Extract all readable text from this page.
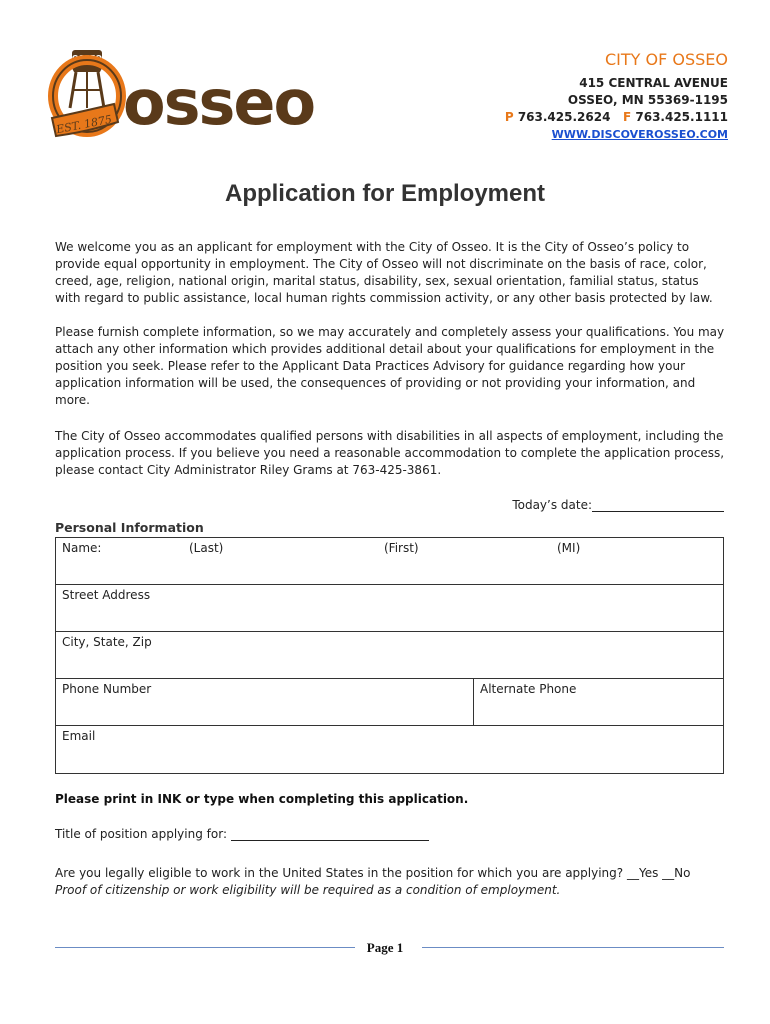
OSSEO
EST. 1875 osseo
CITY OF OSSEO
415 CENTRAL AVENUE
OSSEO, MN 55369-1195
P 763.425.2624 F 763.425.1111
WWW.DISCOVEROSSEO.COM
Application for Employment

We welcome you as an applicant for employment with the City of Osseo. It is the City of Osseo’s policy to provide equal opportunity in employment. The City of Osseo will not discriminate on the basis of race, color, creed, age, religion, national origin, marital status, disability, sex, sexual orientation, familial status, status with regard to public assistance, local human rights commission activity, or any other basis protected by law.

Please furnish complete information, so we may accurately and completely assess your qualifications. You may attach any other information which provides additional detail about your qualifications for employment in the position you seek. Please refer to the Applicant Data Practices Advisory for guidance regarding how your application information will be used, the consequences of providing or not providing your information, and more.

The City of Osseo accommodates qualified persons with disabilities in all aspects of employment, including the application process. If you believe you need a reasonable accommodation to complete the application process, please contact City Administrator Riley Grams at 763-425-3861.

Today’s date:
Personal Information
Name:	(Last)	(First)	(MI)
Street Address
City, State, Zip
Phone Number	Alternate Phone
Email
Please print in INK or type when completing this application.
Title of position applying for:
Are you legally eligible to work in the United States in the position for which you are applying? __Yes __No
Proof of citizenship or work eligibility will be required as a condition of employment.
Page 1
